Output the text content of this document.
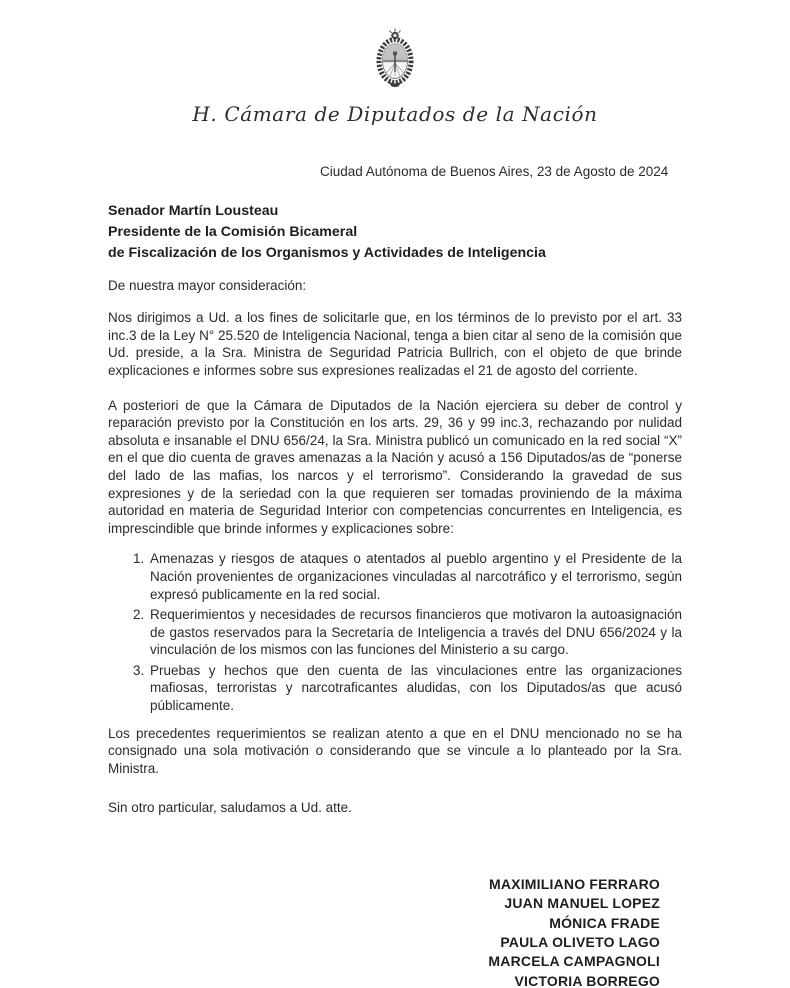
H. Cámara de Diputados de la Nación
Ciudad Autónoma de Buenos Aires, 23 de Agosto de 2024
Senador Martín Lousteau
Presidente de la Comisión Bicameral
de Fiscalización de los Organismos y Actividades de Inteligencia
De nuestra mayor consideración:

Nos dirigimos a Ud. a los fines de solicitarle que, en los términos de lo previsto por el art. 33 inc.3 de la Ley N° 25.520 de Inteligencia Nacional, tenga a bien citar al seno de la comisión que Ud. preside, a la Sra. Ministra de Seguridad Patricia Bullrich, con el objeto de que brinde explicaciones e informes sobre sus expresiones realizadas el 21 de agosto del corriente.

A posteriori de que la Cámara de Diputados de la Nación ejerciera su deber de control y reparación previsto por la Constitución en los arts. 29, 36 y 99 inc.3, rechazando por nulidad absoluta e insanable el DNU 656/24, la Sra. Ministra publicó un comunicado en la red social “X” en el que dio cuenta de graves amenazas a la Nación y acusó a 156 Diputados/as de “ponerse del lado de las mafias, los narcos y el terrorismo”. Considerando la gravedad de sus expresiones y de la seriedad con la que requieren ser tomadas proviniendo de la máxima autoridad en materia de Seguridad Interior con competencias concurrentes en Inteligencia, es imprescindible que brinde informes y explicaciones sobre:

1. Amenazas y riesgos de ataques o atentados al pueblo argentino y el Presidente de la Nación provenientes de organizaciones vinculadas al narcotráfico y el terrorismo, según expresó publicamente en la red social.
2. Requerimientos y necesidades de recursos financieros que motivaron la autoasignación de gastos reservados para la Secretaría de Inteligencia a través del DNU 656/2024 y la vinculación de los mismos con las funciones del Ministerio a su cargo.
3. Pruebas y hechos que den cuenta de las vinculaciones entre las organizaciones mafiosas, terroristas y narcotraficantes aludidas, con los Diputados/as que acusó públicamente.

Los precedentes requerimientos se realizan atento a que en el DNU mencionado no se ha consignado una sola motivación o considerando que se vincule a lo planteado por la Sra. Ministra.

Sin otro particular, saludamos a Ud. atte.
MAXIMILIANO FERRARO
JUAN MANUEL LOPEZ
MÓNICA FRADE
PAULA OLIVETO LAGO
MARCELA CAMPAGNOLI
VICTORIA BORREGO
